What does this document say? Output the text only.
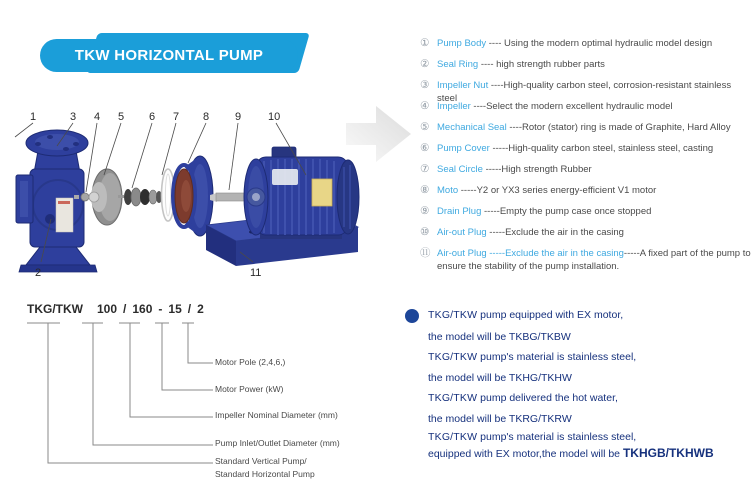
TKW HORIZONTAL PUMP
1
2
3 4 5 6 7 8 9 10
11
① Pump Body ---- Using the modern optimal hydraulic model design
② Seal Ring ---- high strength rubber parts
③ Impeller Nut ----High-quality carbon steel, corrosion-resistant stainless steel
④ Impeller ----Select the modern excellent hydraulic model
⑤ Mechanical Seal ----Rotor (stator) ring is made of Graphite, Hard Alloy
⑥ Pump Cover -----High-quality carbon steel, stainless steel, casting
⑦ Seal Circle -----High strength Rubber
⑧ Moto -----Y2 or YX3 series energy-efficient V1 motor
⑨ Drain Plug -----Empty the pump case once stopped
⑩ Air-out Plug -----Exclude the air in the casing
⑪ Air-out Plug -----Exclude the air in the casing-----A fixed part of the pump to ensure the stability of the pump installation.
TKG/TKW 100 / 160 - 15 / 2
Motor Pole (2,4,6,)
Motor Power (kW)
Impeller Nominal Diameter (mm)
Pump Inlet/Outlet Diameter (mm)
Standard Vertical Pump/
Standard Horizontal Pump
TKG/TKW pump equipped with EX motor,
the model will be TKBG/TKBW
TKG/TKW pump's material is stainless steel,
the model will be TKHG/TKHW
TKG/TKW pump delivered the hot water,
the model will be TKRG/TKRW
TKG/TKW pump's material is stainless steel,
equipped with EX motor,the model will be TKHGB/TKHWB
